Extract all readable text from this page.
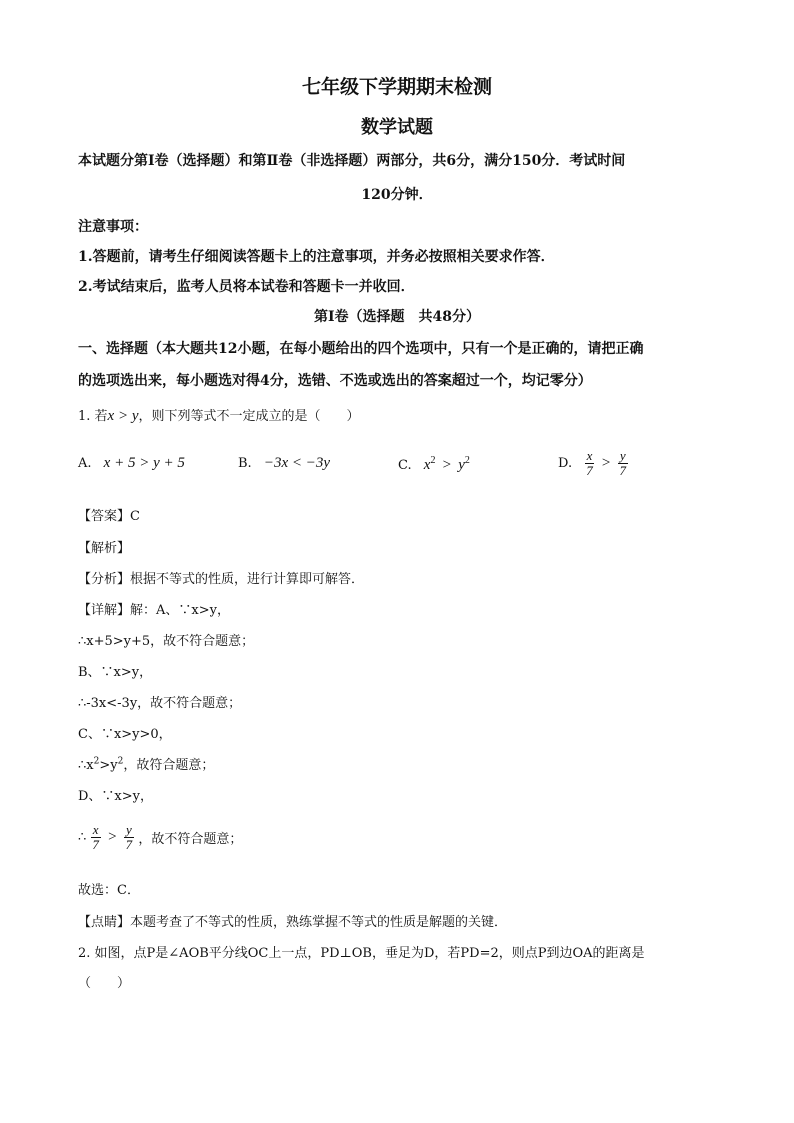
七年级下学期期末检测
数学试题
本试题分第Ⅰ卷（选择题）和第Ⅱ卷（非选择题）两部分，共6分，满分150分．考试时间
120分钟．
注意事项：
1.答题前，请考生仔细阅读答题卡上的注意事项，并务必按照相关要求作答．
2.考试结束后，监考人员将本试卷和答题卡一并收回．
第Ⅰ卷（选择题　共48分）
一、选择题（本大题共12小题，在每小题给出的四个选项中，只有一个是正确的，请把正确
的选项选出来，每小题选对得4分，选错、不选或选出的答案超过一个，均记零分）
1. 若x > y，则下列等式不一定成立的是（　　）
A. x + 5 > y + 5	B. −3x < −3y	C. $x^2 > y^2$	D. $\frac{x}{7} > \frac{y}{7}$
【答案】C
【解析】
【分析】根据不等式的性质，进行计算即可解答．
【详解】解：A、∵x>y，
∴x+5>y+5，故不符合题意；
B、∵x>y，
∴-3x<-3y，故不符合题意；
C、∵x>y>0，
$\therefore x^2>y^2$，故符合题意；
D、∵x>y，
∴ $\frac{x}{7} > \frac{y}{7}$ ，故不符合题意；
故选：C．
【点睛】本题考查了不等式的性质，熟练掌握不等式的性质是解题的关键．
2. 如图，点P是∠AOB平分线OC上一点，PD⊥OB，垂足为D，若PD=2，则点P到边OA的距离是
（　　）
